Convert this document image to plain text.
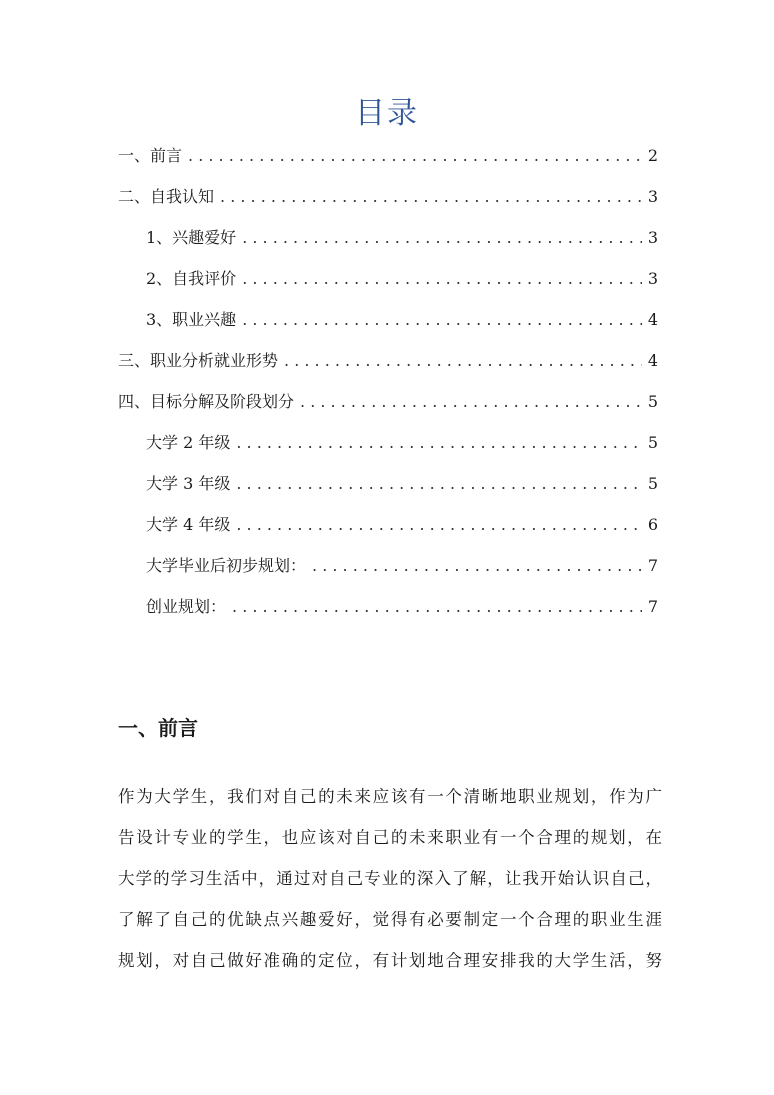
目录
一、前言 . . .	2
二、自我认知 . . .	3
1、兴趣爱好 . . .	3
2、自我评价 . . .	3
3、职业兴趣 . . .	4
三、职业分析就业形势 . . .	4
四、目标分解及阶段划分 . . .	5
大学 2 年级 . . .	5
大学 3 年级 . . .	5
大学 4 年级 . . .	6
大学毕业后初步规划： . . .	7
创业规划： . . .	7
一、前言
作为大学生，我们对自己的未来应该有一个清晰地职业规划，作为广
告设计专业的学生，也应该对自己的未来职业有一个合理的规划，在
大学的学习生活中，通过对自己专业的深入了解，让我开始认识自己，
了解了自己的优缺点兴趣爱好，觉得有必要制定一个合理的职业生涯
规划，对自己做好准确的定位，有计划地合理安排我的大学生活，努
